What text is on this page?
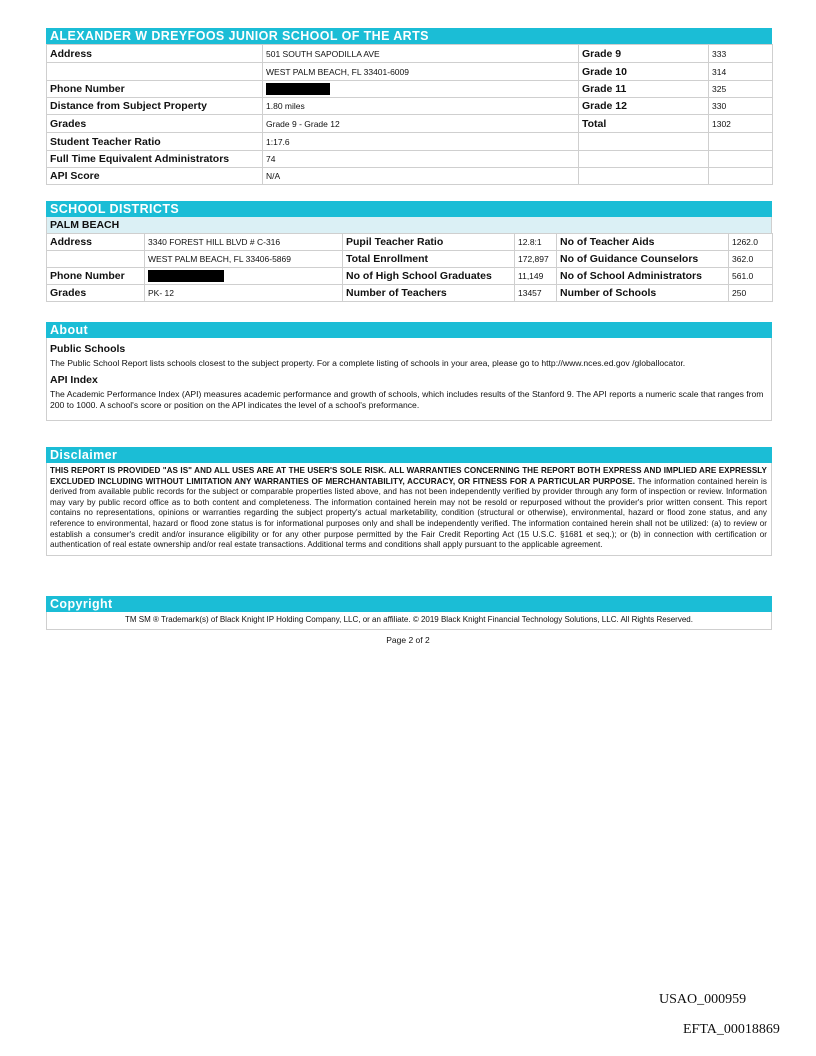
ALEXANDER W DREYFOOS JUNIOR SCHOOL OF THE ARTS
Address	501 SOUTH SAPODILLA AVE	Grade 9	333
	WEST PALM BEACH, FL 33401-6009	Grade 10	314
Phone Number		Grade 11	325
Distance from Subject Property	1.80 miles	Grade 12	330
Grades	Grade 9 - Grade 12	Total	1302
Student Teacher Ratio	1:17.6		
Full Time Equivalent Administrators	74		
API Score	N/A		
SCHOOL DISTRICTS
PALM BEACH
Address	3340 FOREST HILL BLVD # C-316	Pupil Teacher Ratio	12.8:1	No of Teacher Aids	1262.0
	WEST PALM BEACH, FL 33406-5869	Total Enrollment	172,897	No of Guidance Counselors	362.0
Phone Number		No of High School Graduates	11,149	No of School Administrators	561.0
Grades	PK- 12	Number of Teachers	13457	Number of Schools	250
About
Public Schools

The Public School Report lists schools closest to the subject property. For a complete listing of schools in your area, please go to http://www.nces.ed.gov /globallocator.

API Index

The Academic Performance Index (API) measures academic performance and growth of schools, which includes results of the Stanford 9. The API reports a numeric scale that ranges from 200 to 1000. A school's score or position on the API indicates the level of a school's preformance.

Disclaimer

THIS REPORT IS PROVIDED "AS IS" AND ALL USES ARE AT THE USER'S SOLE RISK. ALL WARRANTIES CONCERNING THE REPORT BOTH EXPRESS AND IMPLIED ARE EXPRESSLY EXCLUDED INCLUDING WITHOUT LIMITATION ANY WARRANTIES OF MERCHANTABILITY, ACCURACY, OR FITNESS FOR A PARTICULAR PURPOSE. The information contained herein is derived from available public records for the subject or comparable properties listed above, and has not been independently verified by provider through any form of inspection or review. Information may vary by public record office as to both content and completeness. The information contained herein may not be resold or repurposed without the provider's prior written consent. This report contains no representations, opinions or warranties regarding the subject property's actual marketability, condition (structural or otherwise), environmental, hazard or flood zone status, and any reference to environmental, hazard or flood zone status is for informational purposes only and shall be independently verified. The information contained herein shall not be utilized: (a) to review or establish a consumer's credit and/or insurance eligibility or for any other purpose permitted by the Fair Credit Reporting Act (15 U.S.C. §1681 et seq.); or (b) in connection with certification or authentication of real estate ownership and/or real estate transactions. Additional terms and conditions shall apply pursuant to the applicable agreement.

Copyright

TM SM ® Trademark(s) of Black Knight IP Holding Company, LLC, or an affiliate. © 2019 Black Knight Financial Technology Solutions, LLC. All Rights Reserved.

Page 2 of 2
USAO_000959
EFTA_00018869
